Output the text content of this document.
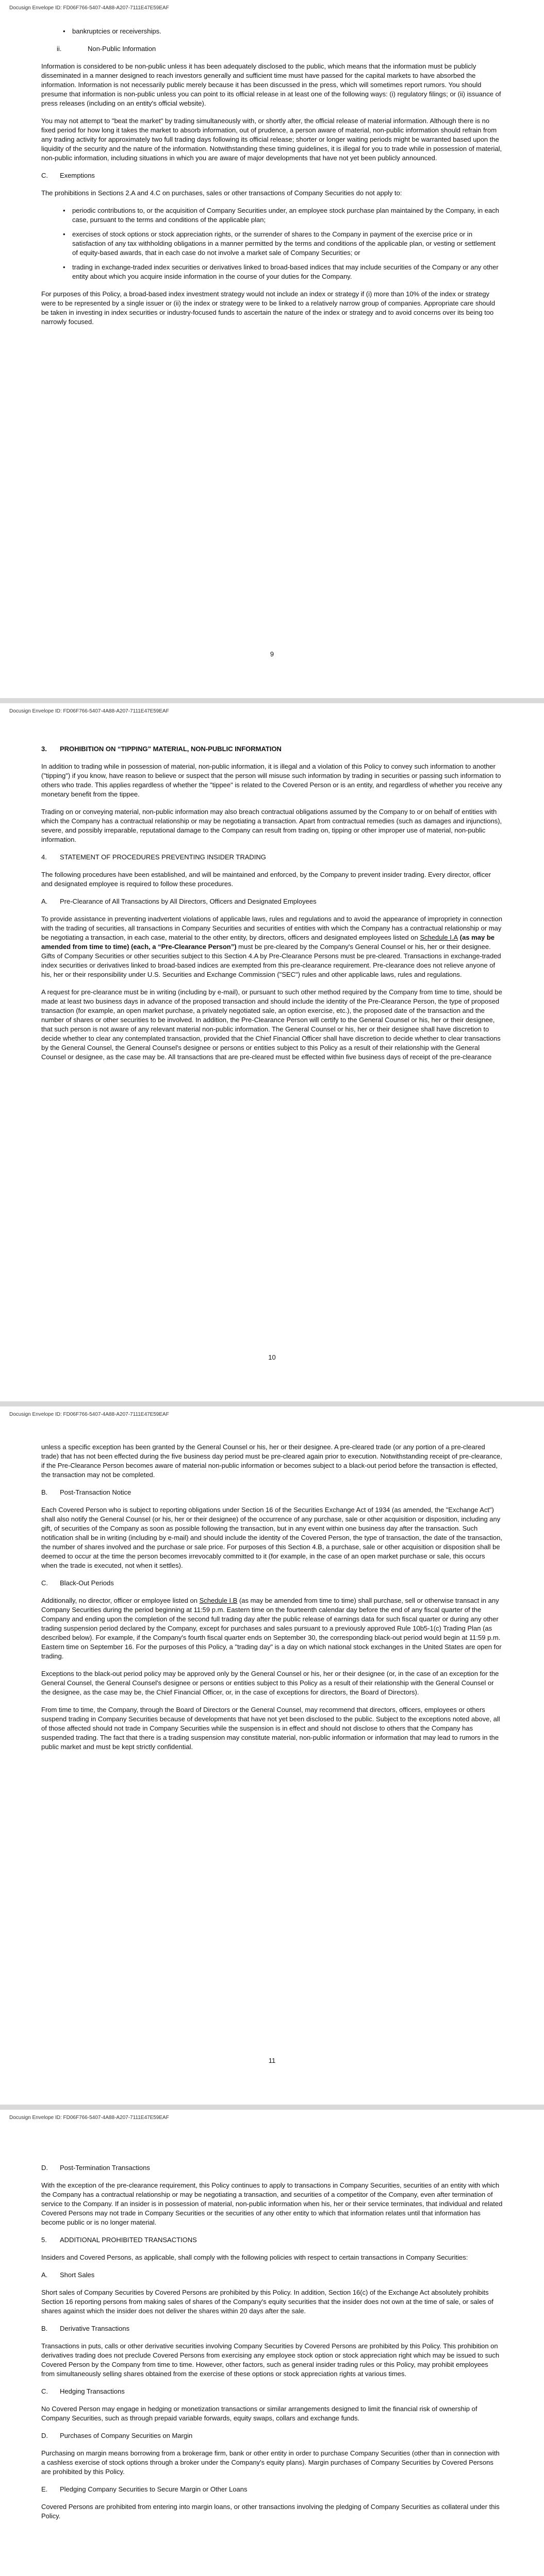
Docusign Envelope ID: FD06F766-5407-4A88-A207-7111E47E59EAF
• bankruptcies or receiverships.
ii.	Non-Public Information

Information is considered to be non-public unless it has been adequately disclosed to the public, which means that the information must be publicly disseminated in a manner designed to reach investors generally and sufficient time must have passed for the capital markets to have absorbed the information. Information is not necessarily public merely because it has been discussed in the press, which will sometimes report rumors. You should presume that information is non-public unless you can point to its official release in at least one of the following ways: (i) regulatory filings; or (ii) issuance of press releases (including on an entity's official website).

You may not attempt to "beat the market" by trading simultaneously with, or shortly after, the official release of material information. Although there is no fixed period for how long it takes the market to absorb information, out of prudence, a person aware of material, non-public information should refrain from any trading activity for approximately two full trading days following its official release; shorter or longer waiting periods might be warranted based upon the liquidity of the security and the nature of the information. Notwithstanding these timing guidelines, it is illegal for you to trade while in possession of material, non-public information, including situations in which you are aware of major developments that have not yet been publicly announced.

C. Exemptions

The prohibitions in Sections 2.A and 4.C on purchases, sales or other transactions of Company Securities do not apply to:

• periodic contributions to, or the acquisition of Company Securities under, an employee stock purchase plan maintained by the Company, in each case, pursuant to the terms and conditions of the applicable plan;
• exercises of stock options or stock appreciation rights, or the surrender of shares to the Company in payment of the exercise price or in satisfaction of any tax withholding obligations in a manner permitted by the terms and conditions of the applicable plan, or vesting or settlement of equity-based awards, that in each case do not involve a market sale of Company Securities; or
• trading in exchange-traded index securities or derivatives linked to broad-based indices that may include securities of the Company or any other entity about which you acquire inside information in the course of your duties for the Company.

For purposes of this Policy, a broad-based index investment strategy would not include an index or strategy if (i) more than 10% of the index or strategy were to be represented by a single issuer or (ii) the index or strategy were to be linked to a relatively narrow group of companies. Appropriate care should be taken in investing in index securities or industry-focused funds to ascertain the nature of the index or strategy and to avoid concerns over its being too narrowly focused.

9
Docusign Envelope ID: FD06F766-5407-4A88-A207-7111E47E59EAF
3. PROHIBITION ON “TIPPING” MATERIAL, NON-PUBLIC INFORMATION

In addition to trading while in possession of material, non-public information, it is illegal and a violation of this Policy to convey such information to another ("tipping") if you know, have reason to believe or suspect that the person will misuse such information by trading in securities or passing such information to others who trade. This applies regardless of whether the "tippee" is related to the Covered Person or is an entity, and regardless of whether you receive any monetary benefit from the tippee.

Trading on or conveying material, non-public information may also breach contractual obligations assumed by the Company to or on behalf of entities with which the Company has a contractual relationship or may be negotiating a transaction. Apart from contractual remedies (such as damages and injunctions), severe, and possibly irreparable, reputational damage to the Company can result from trading on, tipping or other improper use of material, non-public information.

4. STATEMENT OF PROCEDURES PREVENTING INSIDER TRADING

The following procedures have been established, and will be maintained and enforced, by the Company to prevent insider trading. Every director, officer and designated employee is required to follow these procedures.

A.	Pre-Clearance of All Transactions by All Directors, Officers and Designated Employees

To provide assistance in preventing inadvertent violations of applicable laws, rules and regulations and to avoid the appearance of impropriety in connection with the trading of securities, all transactions in Company Securities and securities of entities with which the Company has a contractual relationship or may be negotiating a transaction, in each case, material to the other entity, by directors, officers and designated employees listed on Schedule I.A (as may be amended from time to time) (each, a “Pre-Clearance Person”) must be pre-cleared by the Company's General Counsel or his, her or their designee. Gifts of Company Securities or other securities subject to this Section 4.A by Pre-Clearance Persons must be pre-cleared. Transactions in exchange-traded index securities or derivatives linked to broad-based indices are exempted from this pre-clearance requirement. Pre-clearance does not relieve anyone of his, her or their responsibility under U.S. Securities and Exchange Commission ("SEC") rules and other applicable laws, rules and regulations.

A request for pre-clearance must be in writing (including by e-mail), or pursuant to such other method required by the Company from time to time, should be made at least two business days in advance of the proposed transaction and should include the identity of the Pre-Clearance Person, the type of proposed transaction (for example, an open market purchase, a privately negotiated sale, an option exercise, etc.), the proposed date of the transaction and the number of shares or other securities to be involved. In addition, the Pre-Clearance Person will certify to the General Counsel or his, her or their designee, that such person is not aware of any relevant material non-public information. The General Counsel or his, her or their designee shall have discretion to decide whether to clear any contemplated transaction, provided that the Chief Financial Officer shall have discretion to decide whether to clear transactions by the General Counsel, the General Counsel's designee or persons or entities subject to this Policy as a result of their relationship with the General Counsel or designee, as the case may be. All transactions that are pre-cleared must be effected within five business days of receipt of the pre-clearance

10
Docusign Envelope ID: FD06F766-5407-4A88-A207-7111E47E59EAF

unless a specific exception has been granted by the General Counsel or his, her or their designee. A pre-cleared trade (or any portion of a pre-cleared trade) that has not been effected during the five business day period must be pre-cleared again prior to execution. Notwithstanding receipt of pre-clearance, if the Pre-Clearance Person becomes aware of material non-public information or becomes subject to a black-out period before the transaction is effected, the transaction may not be completed.

B. Post-Transaction Notice

Each Covered Person who is subject to reporting obligations under Section 16 of the Securities Exchange Act of 1934 (as amended, the "Exchange Act") shall also notify the General Counsel (or his, her or their designee) of the occurrence of any purchase, sale or other acquisition or disposition, including any gift, of securities of the Company as soon as possible following the transaction, but in any event within one business day after the transaction. Such notification shall be in writing (including by e-mail) and should include the identity of the Covered Person, the type of transaction, the date of the transaction, the number of shares involved and the purchase or sale price. For purposes of this Section 4.B, a purchase, sale or other acquisition or disposition shall be deemed to occur at the time the person becomes irrevocably committed to it (for example, in the case of an open market purchase or sale, this occurs when the trade is executed, not when it settles).

C. Black-Out Periods

Additionally, no director, officer or employee listed on Schedule I.B (as may be amended from time to time) shall purchase, sell or otherwise transact in any Company Securities during the period beginning at 11:59 p.m. Eastern time on the fourteenth calendar day before the end of any fiscal quarter of the Company and ending upon the completion of the second full trading day after the public release of earnings data for such fiscal quarter or during any other trading suspension period declared by the Company, except for purchases and sales pursuant to a previously approved Rule 10b5-1(c) Trading Plan (as described below). For example, if the Company's fourth fiscal quarter ends on September 30, the corresponding black-out period would begin at 11:59 p.m. Eastern time on September 16. For the purposes of this Policy, a "trading day" is a day on which national stock exchanges in the United States are open for trading.

Exceptions to the black-out period policy may be approved only by the General Counsel or his, her or their designee (or, in the case of an exception for the General Counsel, the General Counsel's designee or persons or entities subject to this Policy as a result of their relationship with the General Counsel or the designee, as the case may be, the Chief Financial Officer, or, in the case of exceptions for directors, the Board of Directors).

From time to time, the Company, through the Board of Directors or the General Counsel, may recommend that directors, officers, employees or others suspend trading in Company Securities because of developments that have not yet been disclosed to the public. Subject to the exceptions noted above, all of those affected should not trade in Company Securities while the suspension is in effect and should not disclose to others that the Company has suspended trading. The fact that there is a trading suspension may constitute material, non-public information or information that may lead to rumors in the public market and must be kept strictly confidential.

11
Docusign Envelope ID: FD06F766-5407-4A88-A207-7111E47E59EAF
D. Post-Termination Transactions

With the exception of the pre-clearance requirement, this Policy continues to apply to transactions in Company Securities, securities of an entity with which the Company has a contractual relationship or may be negotiating a transaction, and securities of a competitor of the Company, even after termination of service to the Company. If an insider is in possession of material, non-public information when his, her or their service terminates, that individual and related Covered Persons may not trade in Company Securities or the securities of any other entity to which that information relates until that information has become public or is no longer material.

5. ADDITIONAL PROHIBITED TRANSACTIONS

Insiders and Covered Persons, as applicable, shall comply with the following policies with respect to certain transactions in Company Securities:

A. Short Sales

Short sales of Company Securities by Covered Persons are prohibited by this Policy. In addition, Section 16(c) of the Exchange Act absolutely prohibits Section 16 reporting persons from making sales of shares of the Company's equity securities that the insider does not own at the time of sale, or sales of shares against which the insider does not deliver the shares within 20 days after the sale.

B. Derivative Transactions

Transactions in puts, calls or other derivative securities involving Company Securities by Covered Persons are prohibited by this Policy. This prohibition on derivatives trading does not preclude Covered Persons from exercising any employee stock option or stock appreciation right which may be issued to such Covered Person by the Company from time to time. However, other factors, such as general insider trading rules or this Policy, may prohibit employees from simultaneously selling shares obtained from the exercise of these options or stock appreciation rights at various times.

C. Hedging Transactions

No Covered Person may engage in hedging or monetization transactions or similar arrangements designed to limit the financial risk of ownership of Company Securities, such as through prepaid variable forwards, equity swaps, collars and exchange funds.

D. Purchases of Company Securities on Margin

Purchasing on margin means borrowing from a brokerage firm, bank or other entity in order to purchase Company Securities (other than in connection with a cashless exercise of stock options through a broker under the Company's equity plans). Margin purchases of Company Securities by Covered Persons are prohibited by this Policy.

E. Pledging Company Securities to Secure Margin or Other Loans

Covered Persons are prohibited from entering into margin loans, or other transactions involving the pledging of Company Securities as collateral under this Policy.
